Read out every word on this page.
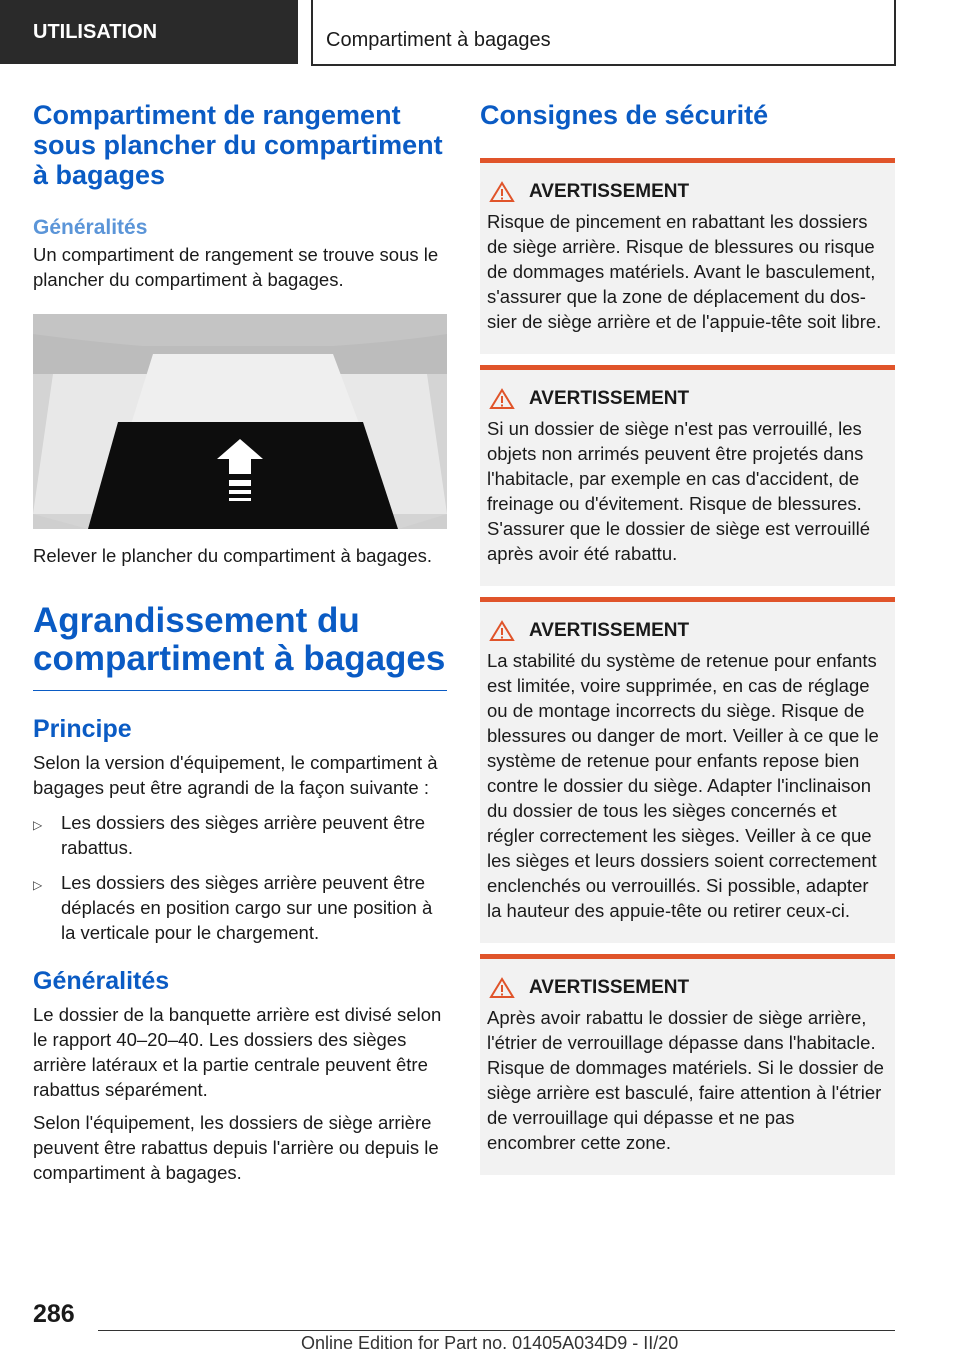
UTILISATION	Compartiment à bagages
Compartiment de rangement sous plancher du compartiment à bagages
Généralités

Un compartiment de rangement se trouve sous le plancher du compartiment à bagages.

Relever le plancher du compartiment à bagages.

Agrandissement du compartiment à bagages
Principe

Selon la version d'équipement, le compartiment à bagages peut être agrandi de la façon suivante :

▷ Les dossiers des sièges arrière peuvent être rabattus.
▷ Les dossiers des sièges arrière peuvent être déplacés en position cargo sur une position à la verticale pour le chargement.
Généralités

Le dossier de la banquette arrière est divisé selon le rapport 40–20–40. Les dossiers des sièges arrière latéraux et la partie centrale peuvent être rabattus séparément.

Selon l'équipement, les dossiers de siège arrière peuvent être rabattus depuis l'arrière ou depuis le compartiment à bagages.

Consignes de sécurité
AVERTISSEMENT

Risque de pincement en rabattant les dossiers de siège arrière. Risque de blessures ou risque de dommages matériels. Avant le basculement, s'assurer que la zone de déplacement du dossier de siège arrière et de l'appuie-tête soit libre.

AVERTISSEMENT

Si un dossier de siège n'est pas verrouillé, les objets non arrimés peuvent être projetés dans l'habitacle, par exemple en cas d'accident, de freinage ou d'évitement. Risque de blessures. S'assurer que le dossier de siège est verrouillé après avoir été rabattu.

AVERTISSEMENT

La stabilité du système de retenue pour enfants est limitée, voire supprimée, en cas de réglage ou de montage incorrects du siège. Risque de blessures ou danger de mort. Veiller à ce que le système de retenue pour enfants repose bien contre le dossier du siège. Adapter l'inclinaison du dossier de tous les sièges concernés et régler correctement les sièges. Veiller à ce que les sièges et leurs dossiers soient correctement enclenchés ou verrouillés. Si possible, adapter la hauteur des appuie-tête ou retirer ceux-ci.

AVERTISSEMENT

Après avoir rabattu le dossier de siège arrière, l'étrier de verrouillage dépasse dans l'habitacle. Risque de dommages matériels. Si le dossier de siège arrière est basculé, faire attention à l'étrier de verrouillage qui dépasse et ne pas encombrer cette zone.

286
Online Edition for Part no. 01405A034D9 - II/20
